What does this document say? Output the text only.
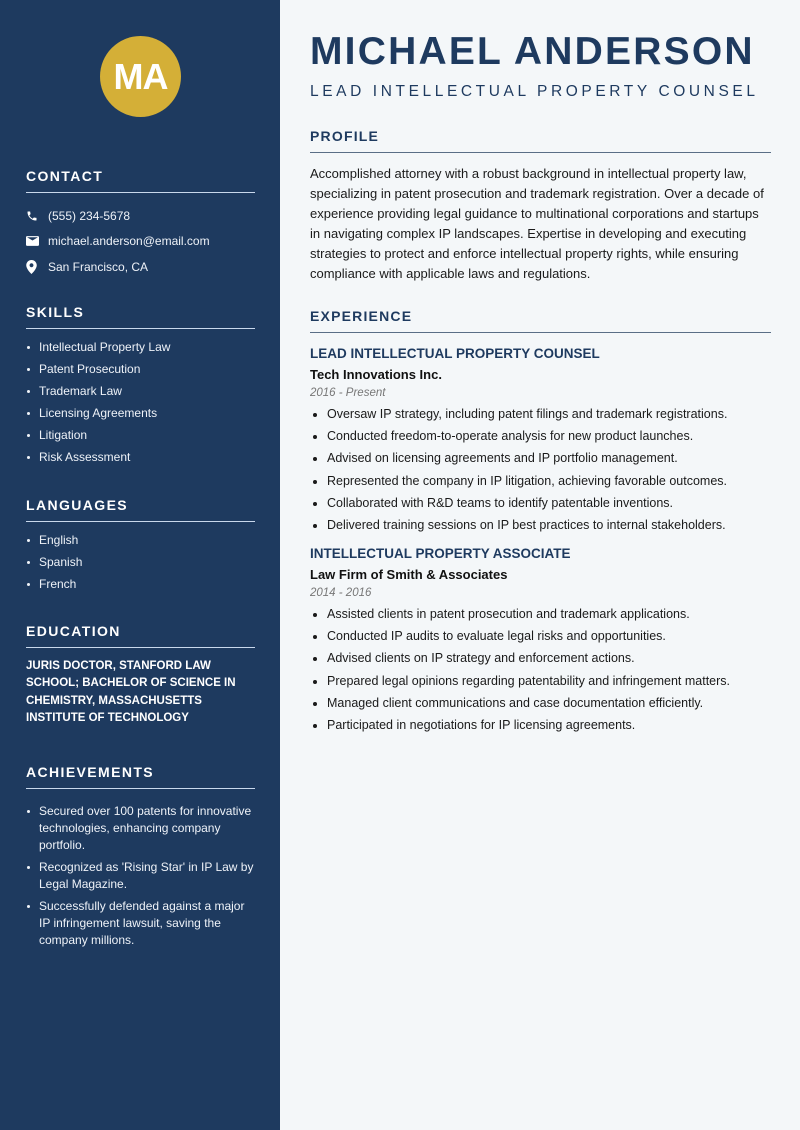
MA
CONTACT
(555) 234-5678
michael.anderson@email.com
San Francisco, CA
SKILLS
Intellectual Property Law
Patent Prosecution
Trademark Law
Licensing Agreements
Litigation
Risk Assessment
LANGUAGES
English
Spanish
French
EDUCATION
JURIS DOCTOR, STANFORD LAW SCHOOL; BACHELOR OF SCIENCE IN CHEMISTRY, MASSACHUSETTS INSTITUTE OF TECHNOLOGY
ACHIEVEMENTS
Secured over 100 patents for innovative technologies, enhancing company portfolio.
Recognized as 'Rising Star' in IP Law by Legal Magazine.
Successfully defended against a major IP infringement lawsuit, saving the company millions.
MICHAEL ANDERSON
LEAD INTELLECTUAL PROPERTY COUNSEL
PROFILE

Accomplished attorney with a robust background in intellectual property law, specializing in patent prosecution and trademark registration. Over a decade of experience providing legal guidance to multinational corporations and startups in navigating complex IP landscapes. Expertise in developing and executing strategies to protect and enforce intellectual property rights, while ensuring compliance with applicable laws and regulations.

EXPERIENCE
LEAD INTELLECTUAL PROPERTY COUNSEL
Tech Innovations Inc.
2016 - Present
Oversaw IP strategy, including patent filings and trademark registrations.
Conducted freedom-to-operate analysis for new product launches.
Advised on licensing agreements and IP portfolio management.
Represented the company in IP litigation, achieving favorable outcomes.
Collaborated with R&D teams to identify patentable inventions.
Delivered training sessions on IP best practices to internal stakeholders.
INTELLECTUAL PROPERTY ASSOCIATE
Law Firm of Smith & Associates
2014 - 2016
Assisted clients in patent prosecution and trademark applications.
Conducted IP audits to evaluate legal risks and opportunities.
Advised clients on IP strategy and enforcement actions.
Prepared legal opinions regarding patentability and infringement matters.
Managed client communications and case documentation efficiently.
Participated in negotiations for IP licensing agreements.
